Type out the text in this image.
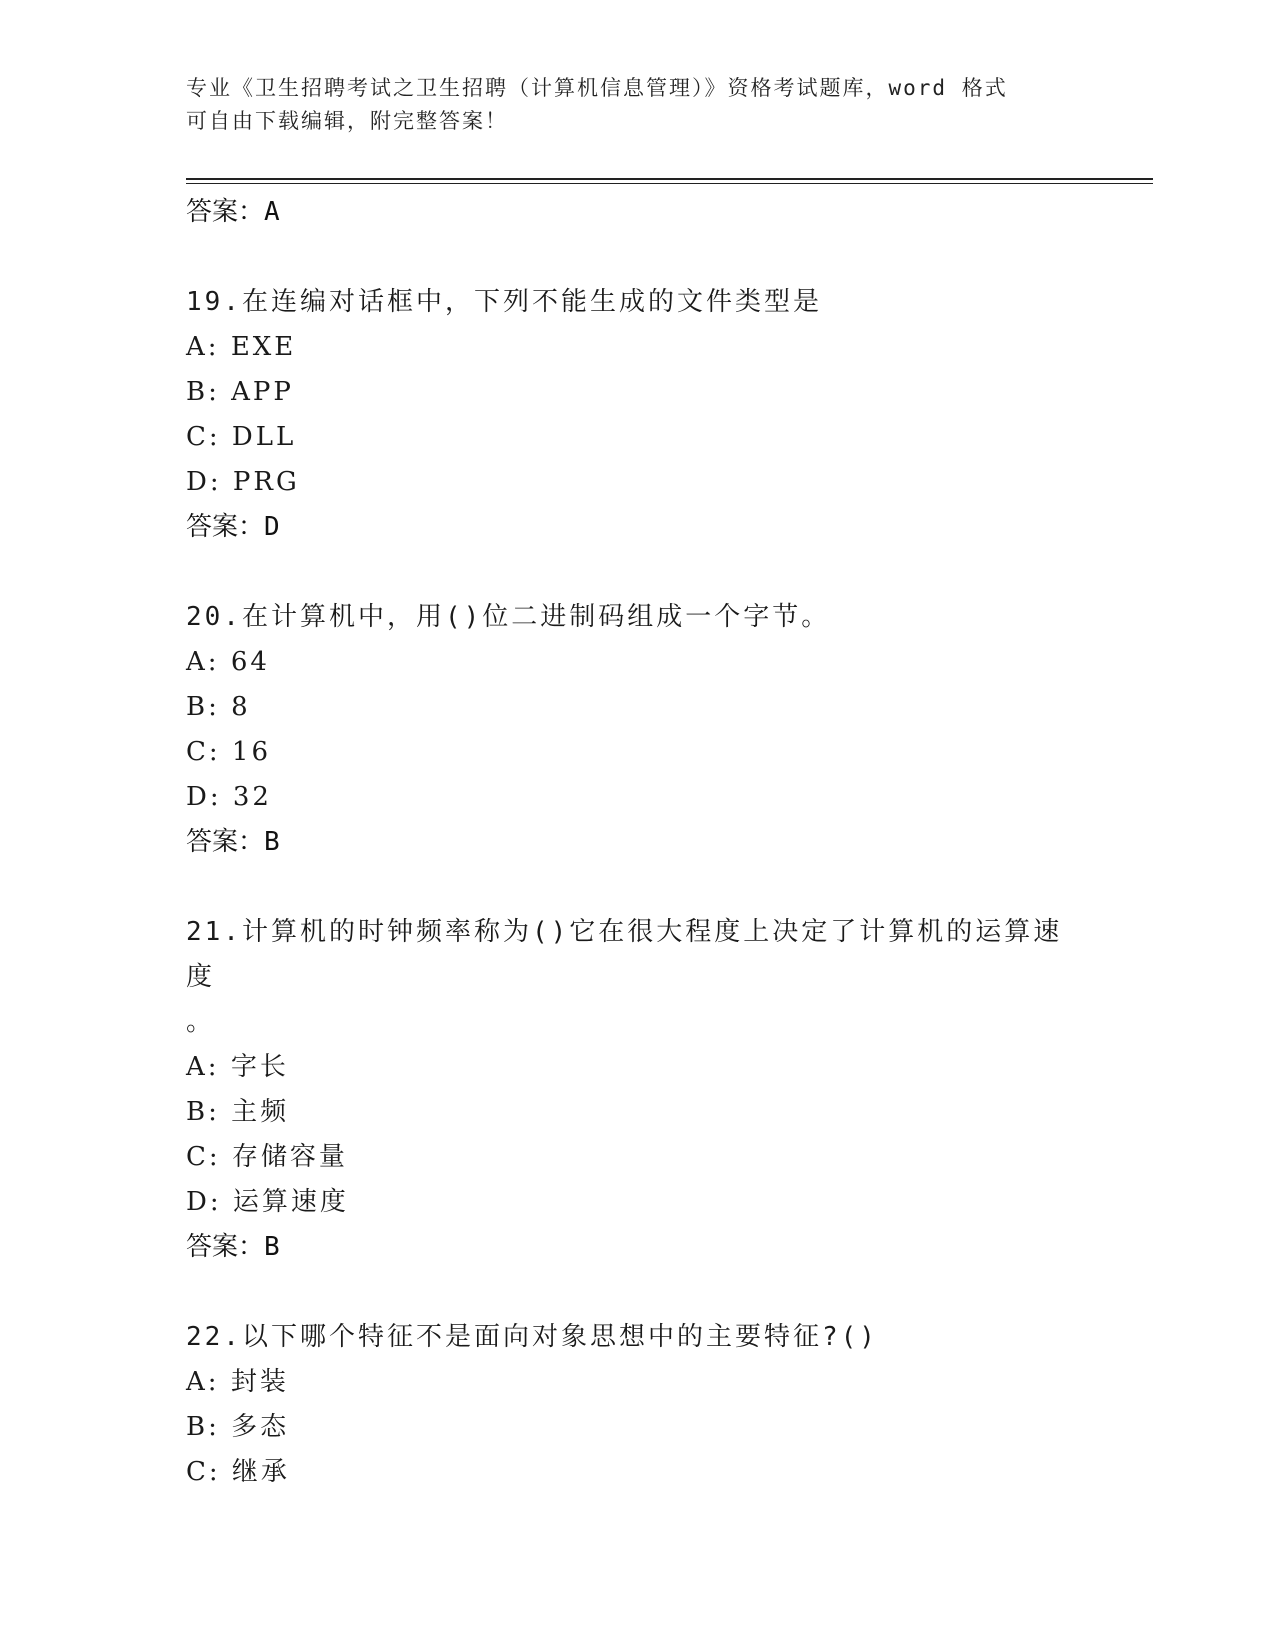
专业《卫生招聘考试之卫生招聘（计算机信息管理）》资格考试题库，word 格式
可自由下载编辑，附完整答案！
答案：A
19.在连编对话框中，下列不能生成的文件类型是
A: EXE
B: APP
C: DLL
D: PRG
答案：D
20.在计算机中，用()位二进制码组成一个字节。
A: 64
B: 8
C: 16
D: 32
答案：B
21.计算机的时钟频率称为()它在很大程度上决定了计算机的运算速度
。
A: 字长
B: 主频
C: 存储容量
D: 运算速度
答案：B
22.以下哪个特征不是面向对象思想中的主要特征?()
A: 封装
B: 多态
C: 继承
